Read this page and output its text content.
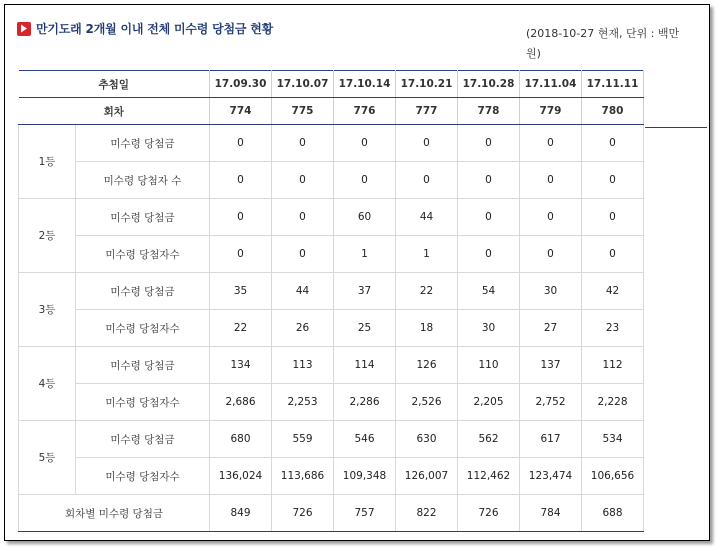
만기도래 2개월 이내 전체 미수령 당첨금 현황	(2018-10-27 현재, 단위 : 백만원)
추첨일		17.09.30	17.10.07	17.10.14	17.10.21	17.10.28	17.11.04	17.11.11
회차		774	775	776	777	778	779	780
1등	미수령 당첨금	0	0	0	0	0	0	0
	미수령 당첨자 수	0	0	0	0	0	0	0
2등	미수령 당첨금	0	0	60	44	0	0	0
	미수령 당첨자수	0	0	1	1	0	0	0
3등	미수령 당첨금	35	44	37	22	54	30	42
	미수령 당첨자수	22	26	25	18	30	27	23
4등	미수령 당첨금	134	113	114	126	110	137	112
	미수령 당첨자수	2,686	2,253	2,286	2,526	2,205	2,752	2,228
5등	미수령 당첨금	680	559	546	630	562	617	534
	미수령 당첨자수	136,024	113,686	109,348	126,007	112,462	123,474	106,656
회차별 미수령 당첨금		849	726	757	822	726	784	688
